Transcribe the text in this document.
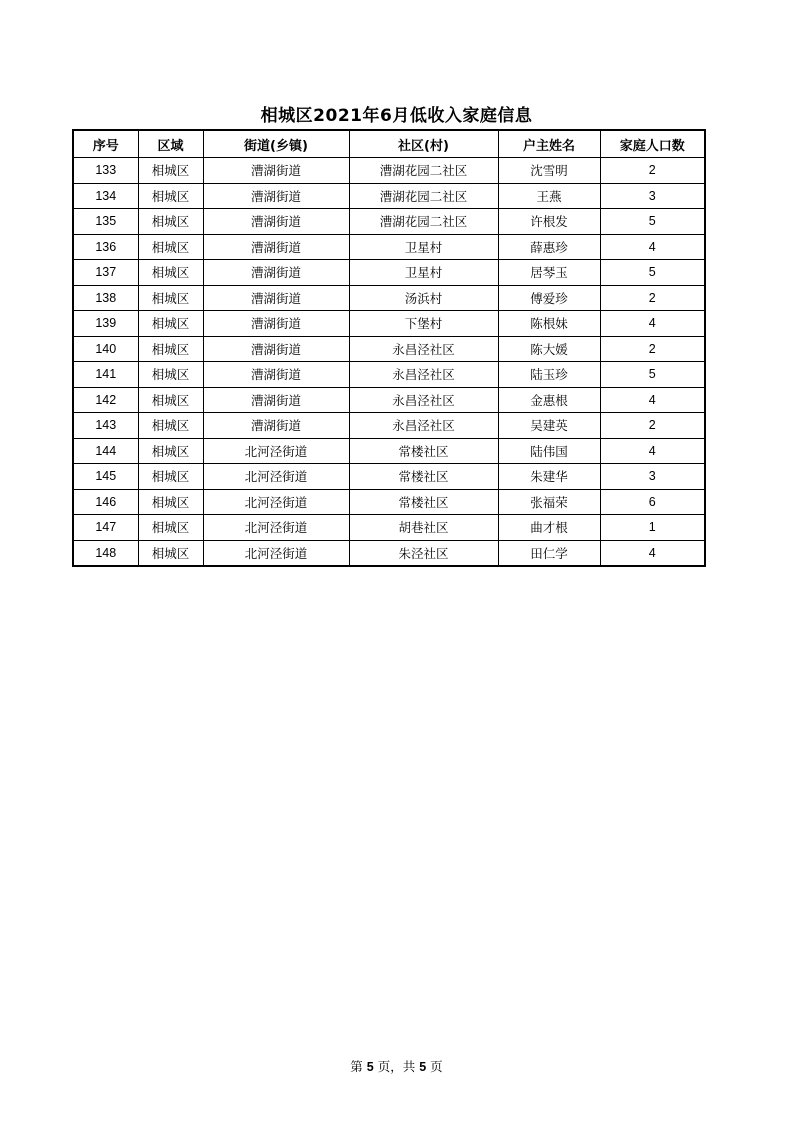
相城区2021年6月低收入家庭信息
序号	区域	街道(乡镇)	社区(村)	户主姓名	家庭人口数
133	相城区	漕湖街道	漕湖花园二社区	沈雪明	2
134	相城区	漕湖街道	漕湖花园二社区	王燕	3
135	相城区	漕湖街道	漕湖花园二社区	许根发	5
136	相城区	漕湖街道	卫星村	薛惠珍	4
137	相城区	漕湖街道	卫星村	居琴玉	5
138	相城区	漕湖街道	汤浜村	傅爱珍	2
139	相城区	漕湖街道	下堡村	陈根妹	4
140	相城区	漕湖街道	永昌泾社区	陈大媛	2
141	相城区	漕湖街道	永昌泾社区	陆玉珍	5
142	相城区	漕湖街道	永昌泾社区	金惠根	4
143	相城区	漕湖街道	永昌泾社区	吴建英	2
144	相城区	北河泾街道	常楼社区	陆伟国	4
145	相城区	北河泾街道	常楼社区	朱建华	3
146	相城区	北河泾街道	常楼社区	张福荣	6
147	相城区	北河泾街道	胡巷社区	曲才根	1
148	相城区	北河泾街道	朱泾社区	田仁学	4
第 5 页，共 5 页
